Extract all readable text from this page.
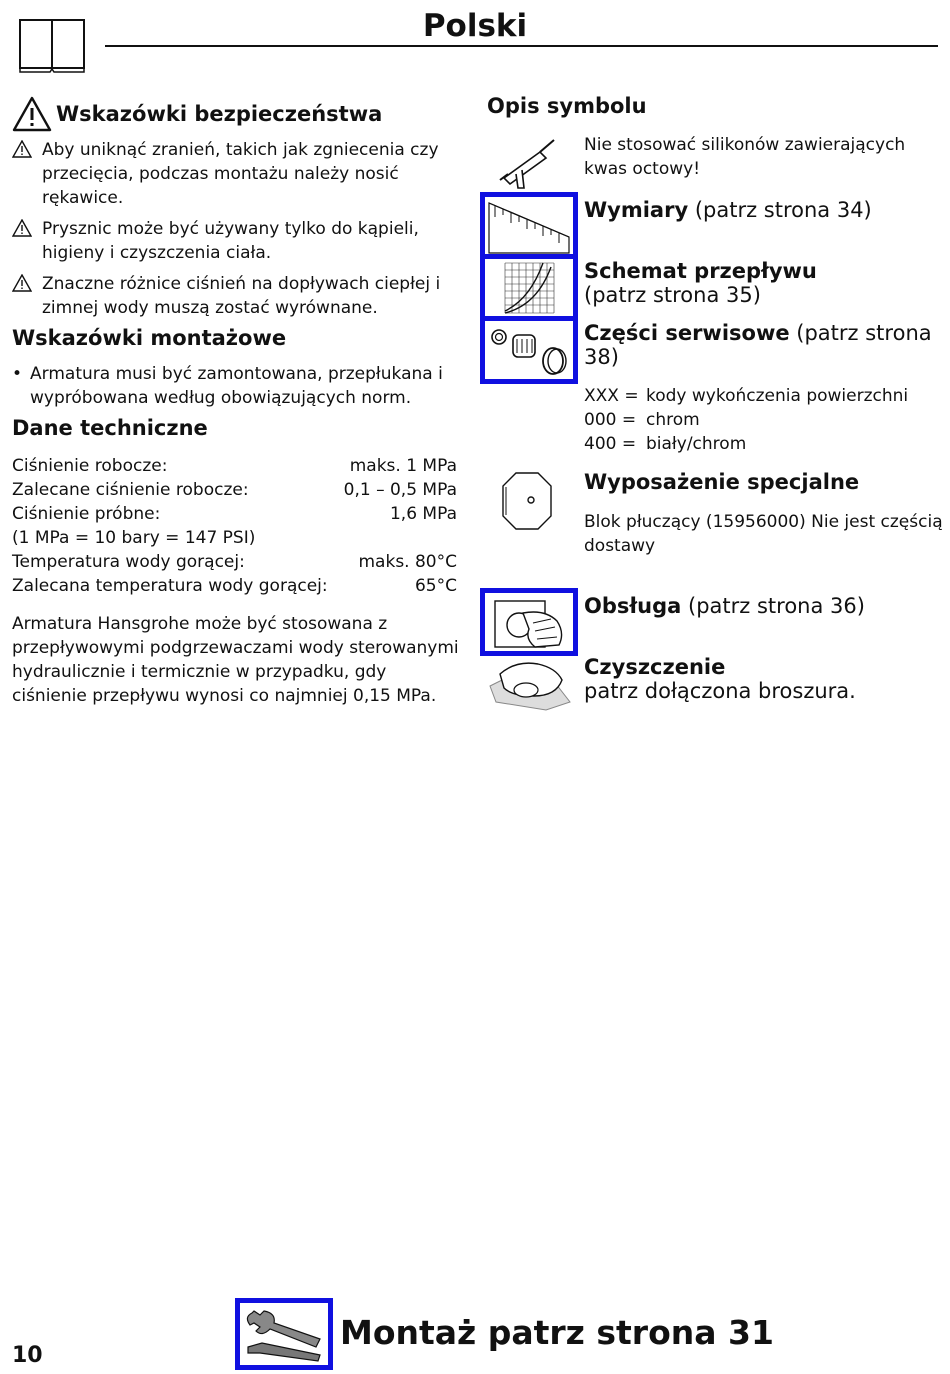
Polski
Wskazówki bezpieczeństwa
Aby uniknąć zranień, takich jak zgniecenia czy przecięcia, podczas montażu należy nosić rękawice.
Prysznic może być używany tylko do kąpieli, higieny i czyszczenia ciała.
Znaczne różnice ciśnień na dopływach ciepłej i zimnej wody muszą zostać wyrównane.
Wskazówki montażowe
• Armatura musi być zamontowana, przepłukana i wypróbowana według obowiązujących norm.
Dane techniczne
Ciśnienie robocze:	maks. 1 MPa
Zalecane ciśnienie robocze:	0,1 – 0,5 MPa
Ciśnienie próbne:	1,6 MPa
(1 MPa = 10 bary = 147 PSI)
Temperatura wody gorącej:	maks. 80°C
Zalecana temperatura wody gorącej:	65°C
Armatura Hansgrohe może być stosowana z przepływowymi podgrzewaczami wody sterowanymi hydraulicznie i termicznie w przypadku, gdy ciśnienie przepływu wynosi co najmniej 0,15 MPa.
Opis symbolu
Nie stosować silikonów zawierających kwas octowy!
Wymiary (patrz strona 34)
Schemat przepływu
(patrz strona 35)
Części serwisowe (patrz strona 38)
XXX = kody wykończenia powierzchni
000 = chrom
400 = biały/chrom
Wyposażenie specjalne
Blok płuczący (15956000) Nie jest częścią dostawy
Obsługa (patrz strona 36)
Czyszczenie
patrz dołączona broszura.
10
Montaż patrz strona 31
